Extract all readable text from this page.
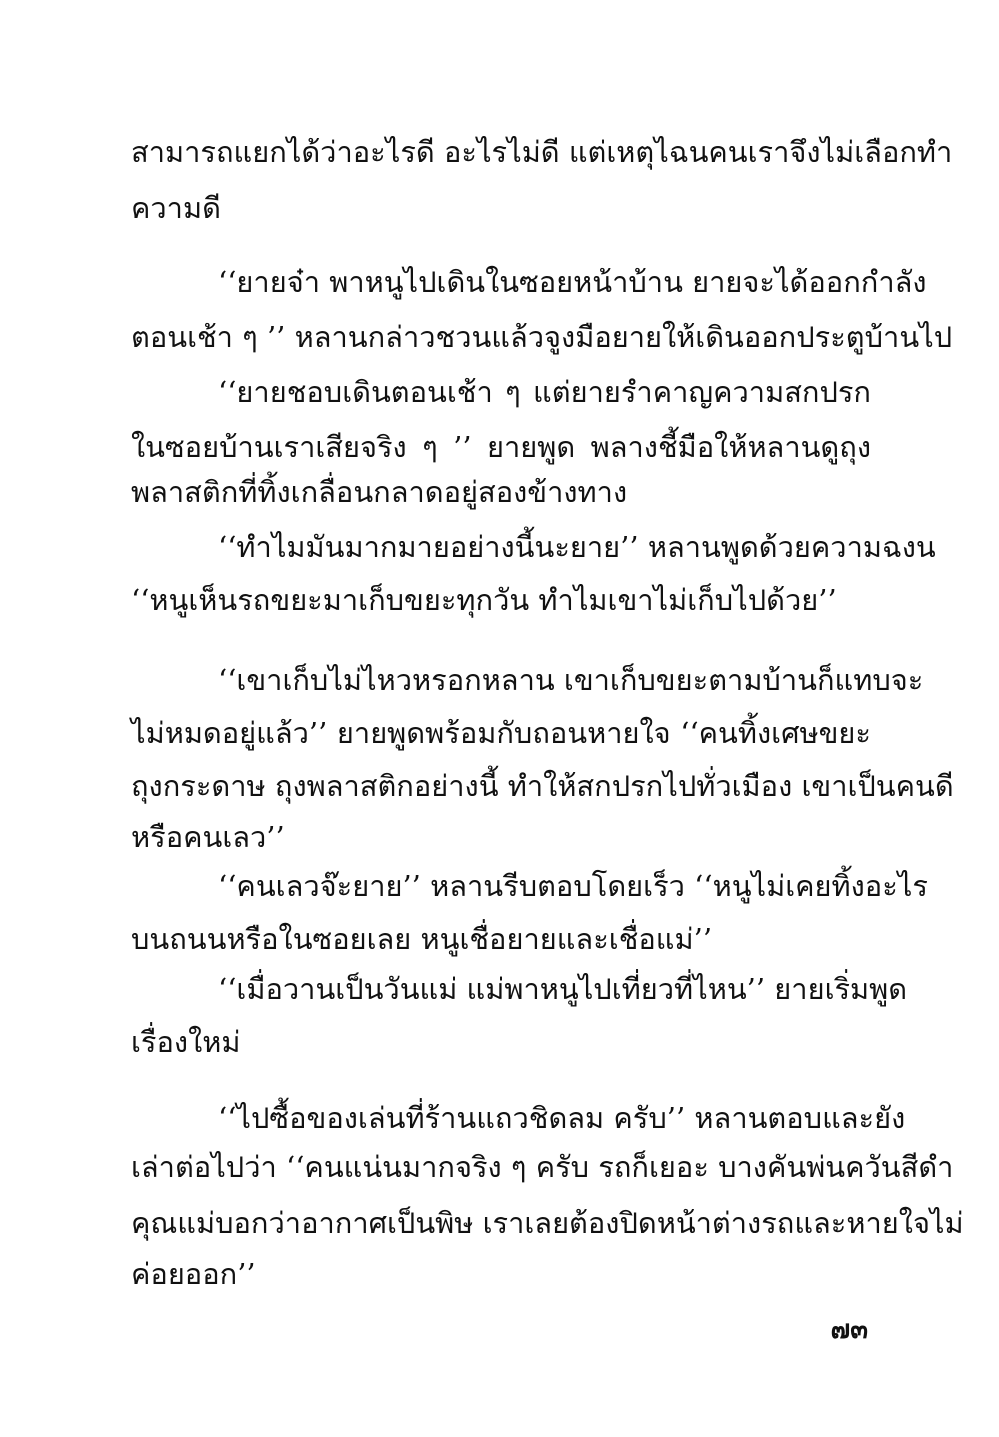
สามารถแยกได้ว่าอะไรดี อะไรไม่ดี แต่เหตุไฉนคนเราจึงไม่เลือกทำ
ความดี
‘‘ยายจ๋า พาหนูไปเดินในซอยหน้าบ้าน ยายจะได้ออกกำลัง
ตอนเช้า ๆ ’’ หลานกล่าวชวนแล้วจูงมือยายให้เดินออกประตูบ้านไป
‘‘ยายชอบเดินตอนเช้า ๆ แต่ยายรำคาญความสกปรก
ในซอยบ้านเราเสียจริง ๆ ’’ ยายพูด พลางชี้มือให้หลานดูถุง
พลาสติกที่ทิ้งเกลื่อนกลาดอยู่สองข้างทาง
‘‘ทำไมมันมากมายอย่างนี้นะยาย’’ หลานพูดด้วยความฉงน
‘‘หนูเห็นรถขยะมาเก็บขยะทุกวัน ทำไมเขาไม่เก็บไปด้วย’’
‘‘เขาเก็บไม่ไหวหรอกหลาน เขาเก็บขยะตามบ้านก็แทบจะ
ไม่หมดอยู่แล้ว’’ ยายพูดพร้อมกับถอนหายใจ ‘‘คนทิ้งเศษขยะ
ถุงกระดาษ ถุงพลาสติกอย่างนี้ ทำให้สกปรกไปทั่วเมือง เขาเป็นคนดี
หรือคนเลว’’
‘‘คนเลวจ๊ะยาย’’ หลานรีบตอบโดยเร็ว ‘‘หนูไม่เคยทิ้งอะไร
บนถนนหรือในซอยเลย หนูเชื่อยายและเชื่อแม่’’
‘‘เมื่อวานเป็นวันแม่ แม่พาหนูไปเที่ยวที่ไหน’’ ยายเริ่มพูด
เรื่องใหม่
‘‘ไปซื้อของเล่นที่ร้านแถวชิดลม ครับ’’ หลานตอบและยัง
เล่าต่อไปว่า ‘‘คนแน่นมากจริง ๆ ครับ รถก็เยอะ บางคันพ่นควันสีดำ
คุณแม่บอกว่าอากาศเป็นพิษ เราเลยต้องปิดหน้าต่างรถและหายใจไม่
ค่อยออก’’
๗๓
